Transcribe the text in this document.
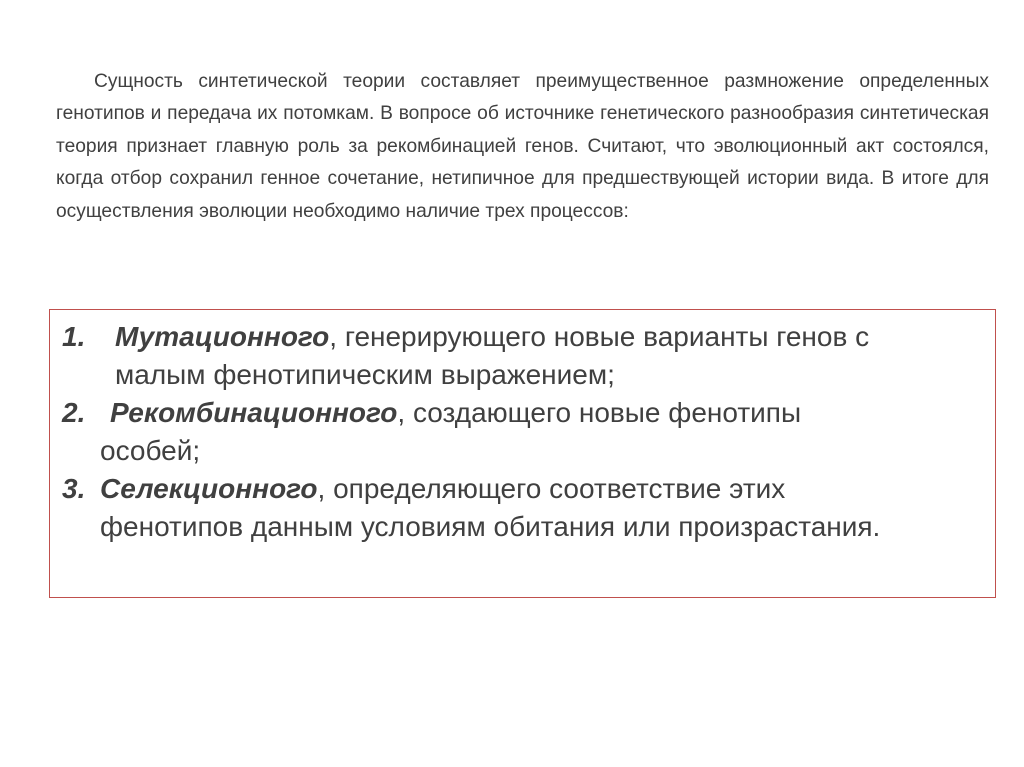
Сущность синтетической теории составляет преимущественное размножение определенных генотипов и передача их потомкам. В вопросе об источнике генетического разнообразия синтетическая теория признает главную роль за рекомбинацией генов. Считают, что эволюционный акт состоялся, когда отбор сохранил генное сочетание, нетипичное для предшествующей истории вида. В итоге для осуществления эволюции необходимо наличие трех процессов:

1. Мутационного, генерирующего новые варианты генов с
малым фенотипическим выражением;
2. Рекомбинационного, создающего новые фенотипы
особей;
3. Селекционного, определяющего соответствие этих
фенотипов данным условиям обитания или произрастания.
